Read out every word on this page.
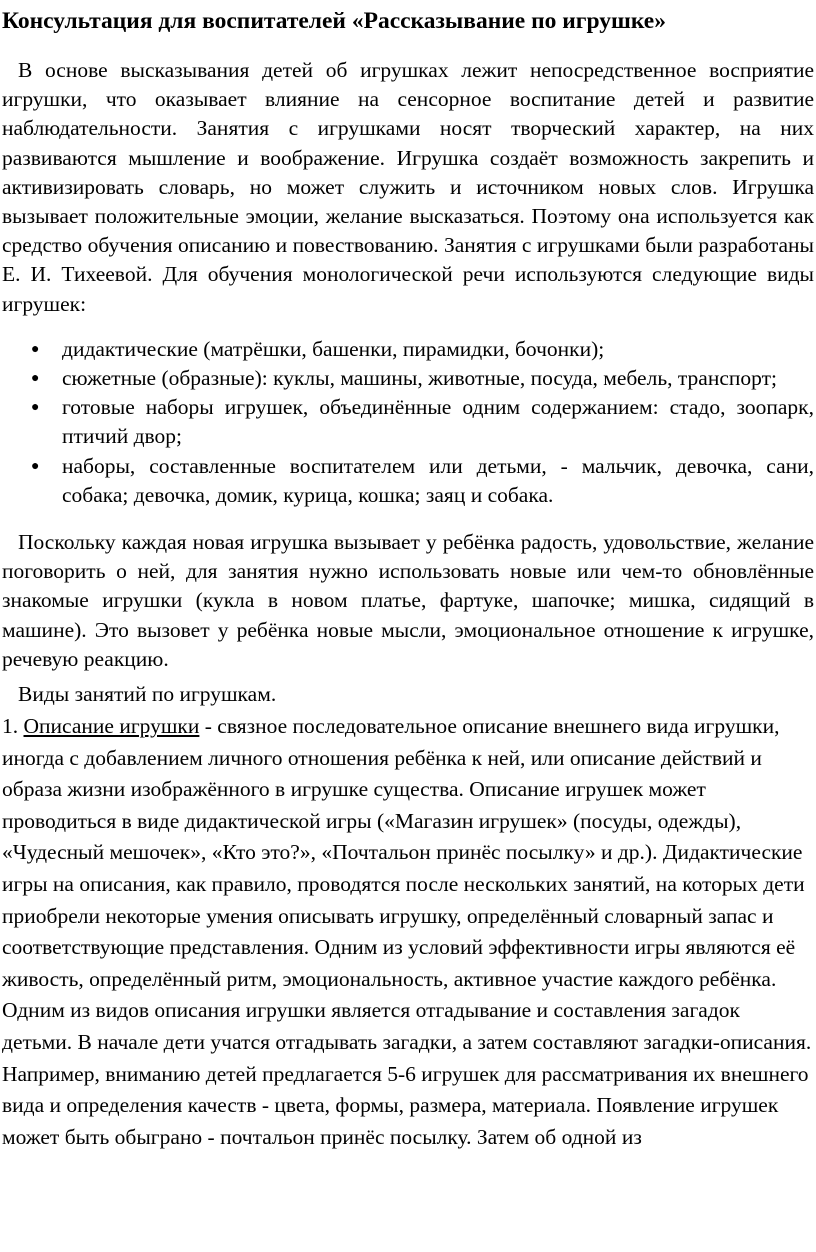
Консультация для воспитателей «Рассказывание по игрушке»

В основе высказывания детей об игрушках лежит непосредственное восприятие игрушки, что оказывает влияние на сенсорное воспитание детей и развитие наблюдательности. Занятия с игрушками носят творческий характер, на них развиваются мышление и воображение. Игрушка создаёт возможность закрепить и активизировать словарь, но может служить и источником новых слов. Игрушка вызывает положительные эмоции, желание высказаться. Поэтому она используется как средство обучения описанию и повествованию. Занятия с игрушками были разработаны Е. И. Тихеевой. Для обучения монологической речи используются следующие виды игрушек:

● дидактические (матрёшки, башенки, пирамидки, бочонки);
● сюжетные (образные): куклы, машины, животные, посуда, мебель, транспорт;
● готовые наборы игрушек, объединённые одним содержанием: стадо, зоопарк, птичий двор;
● наборы, составленные воспитателем или детьми, - мальчик, девочка, сани, собака; девочка, домик, курица, кошка; заяц и собака.

Поскольку каждая новая игрушка вызывает у ребёнка радость, удовольствие, желание поговорить о ней, для занятия нужно использовать новые или чем-то обновлённые знакомые игрушки (кукла в новом платье, фартуке, шапочке; мишка, сидящий в машине). Это вызовет у ребёнка новые мысли, эмоциональное отношение к игрушке, речевую реакцию.

Виды занятий по игрушкам.

1. Описание игрушки - связное последовательное описание внешнего вида игрушки, иногда с добавлением личного отношения ребёнка к ней, или описание действий и образа жизни изображённого в игрушке существа. Описание игрушек может проводиться в виде дидактической игры («Магазин игрушек» (посуды, одежды), «Чудесный мешочек», «Кто это?», «Почтальон принёс посылку» и др.). Дидактические игры на описания, как правило, проводятся после нескольких занятий, на которых дети приобрели некоторые умения описывать игрушку, определённый словарный запас и соответствующие представления. Одним из условий эффективности игры являются её живость, определённый ритм, эмоциональность, активное участие каждого ребёнка. Одним из видов описания игрушки является отгадывание и составления загадок детьми. В начале дети учатся отгадывать загадки, а затем составляют загадки-описания. Например, вниманию детей предлагается 5-6 игрушек для рассматривания их внешнего вида и определения качеств - цвета, формы, размера, материала. Появление игрушек может быть обыграно - почтальон принёс посылку. Затем об одной из
